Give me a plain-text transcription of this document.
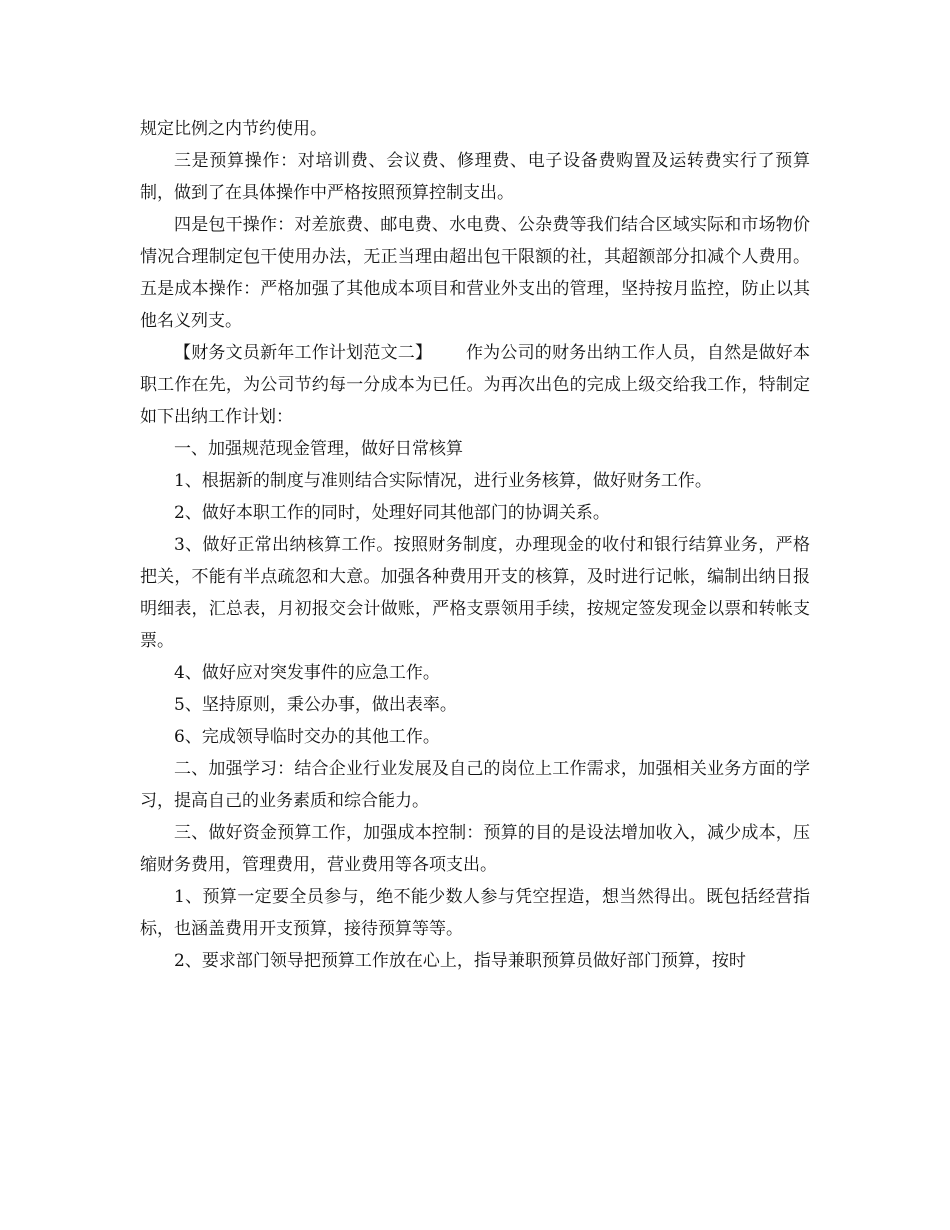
规定比例之内节约使用。

三是预算操作：对培训费、会议费、修理费、电子设备费购置及运转费实行了预算制，做到了在具体操作中严格按照预算控制支出。

四是包干操作：对差旅费、邮电费、水电费、公杂费等我们结合区域实际和市场物价情况合理制定包干使用办法，无正当理由超出包干限额的社，其超额部分扣减个人费用。五是成本操作：严格加强了其他成本项目和营业外支出的管理，坚持按月监控，防止以其他名义列支。

【财务文员新年工作计划范文二】 作为公司的财务出纳工作人员，自然是做好本职工作在先，为公司节约每一分成本为已任。为再次出色的完成上级交给我工作，特制定如下出纳工作计划：

一、加强规范现金管理，做好日常核算

1、根据新的制度与准则结合实际情况，进行业务核算，做好财务工作。

2、做好本职工作的同时，处理好同其他部门的协调关系。

3、做好正常出纳核算工作。按照财务制度，办理现金的收付和银行结算业务，严格把关，不能有半点疏忽和大意。加强各种费用开支的核算，及时进行记帐，编制出纳日报明细表，汇总表，月初报交会计做账，严格支票领用手续，按规定签发现金以票和转帐支票。

4、做好应对突发事件的应急工作。

5、坚持原则，秉公办事，做出表率。

6、完成领导临时交办的其他工作。

二、加强学习：结合企业行业发展及自己的岗位上工作需求，加强相关业务方面的学习，提高自己的业务素质和综合能力。

三、做好资金预算工作，加强成本控制：预算的目的是设法增加收入，减少成本，压缩财务费用，管理费用，营业费用等各项支出。

1、预算一定要全员参与，绝不能少数人参与凭空捏造，想当然得出。既包括经营指标，也涵盖费用开支预算，接待预算等等。

2、要求部门领导把预算工作放在心上，指导兼职预算员做好部门预算，按时
